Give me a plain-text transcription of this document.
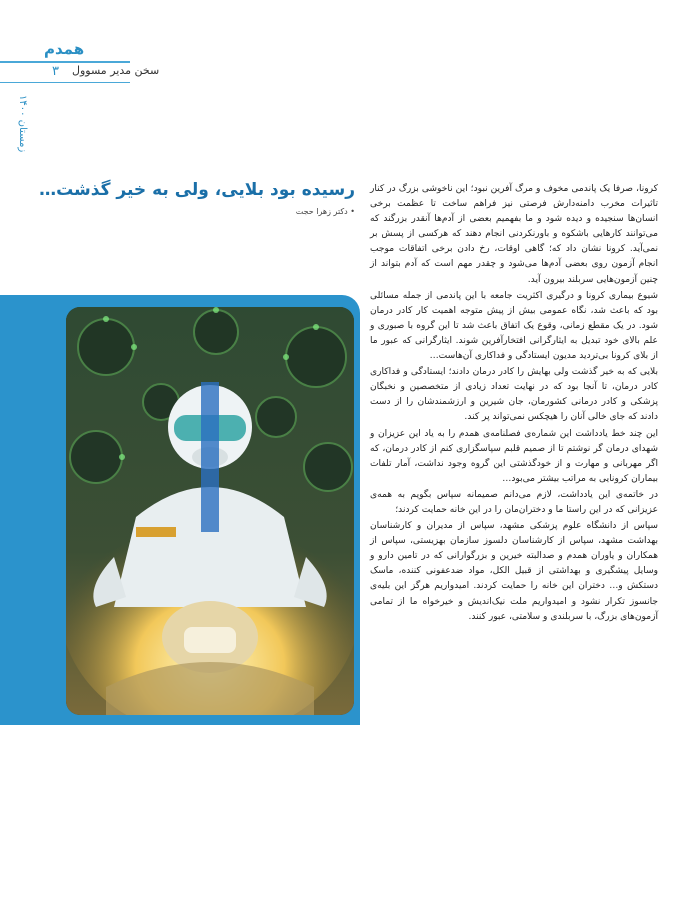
همدم
۳ سخن مدیر مسوول
زمستان ۱۴۰۰
رسیده بود بلایی، ولی به خیر گذشت…
• دکتر زهرا حجت

کرونا، صرفا یک پاندمی مخوف و مرگ آفرین نبود؛ این ناخوشی بزرگ در کنار تاثیرات مخرب دامنه‌دارش فرصتی نیز فراهم ساخت تا عظمت برخی انسان‌ها سنجیده و دیده شود و ما بفهمیم بعضی از آدم‌ها آنقدر بزرگند که می‌توانند کارهایی باشکوه و باورنکردنی انجام دهند که هرکسی از پسش بر نمی‌آید. کرونا نشان داد که؛ گاهی اوقات، رخ دادن برخی اتفاقات موجب انجام آزمون روی بعضی آدم‌ها می‌شود و چقدر مهم است که آدم بتواند از چنین آزمون‌هایی سربلند بیرون آید.

شیوع بیماری کرونا و درگیری اکثریت جامعه با این پاندمی از جمله مسائلی بود که باعث شد، نگاه عمومی بیش از پیش متوجه اهمیت کار کادر درمان شود. در یک مقطع زمانی، وقوع یک اتفاق باعث شد تا این گروه با صبوری و علم بالای خود تبدیل به ایثارگرانی افتخارآفرین شوند. ایثارگرانی که عبور ما از بلای کرونا بی‌تردید مدیون ایستادگی و فداکاری آن‌هاست…

بلایی که به خیر گذشت ولی بهایش را کادر درمان دادند؛ ایستادگی و فداکاری کادر درمان، تا آنجا بود که در نهایت تعداد زیادی از متخصصین و نخبگان پزشکی و کادر درمانی کشورمان، جان شیرین و ارزشمندشان را از دست دادند که جای خالی آنان را هیچکس نمی‌تواند پر کند.

این چند خط یادداشت این شماره‌ی فصلنامه‌ی همدم را به یاد این عزیزان و شهدای درمان گر نوشتم تا از صمیم قلبم سپاسگزاری کنم از کادر درمان، که اگر مهربانی و مهارت و از خودگذشتی این گروه وجود نداشت، آمار تلفات بیماران کرونایی به مراتب بیشتر می‌بود…

در خاتمه‌ی این یادداشت، لازم می‌دانم صمیمانه سپاس بگویم به همه‌ی عزیزانی که در این راستا ما و دختران‌مان را در این خانه حمایت کردند؛

سپاس از دانشگاه علوم پزشکی مشهد، سپاس از مدیران و کارشناسان بهداشت مشهد، سپاس از کارشناسان دلسوز سازمان بهزیستی، سپاس از همکاران و یاوران همدم و صدالبته خیرین و بزرگوارانی که در تامین دارو و وسایل پیشگیری و بهداشتی از قبیل الکل، مواد ضدعفونی کننده، ماسک دستکش و… دختران این خانه را حمایت کردند. امیدواریم هرگز این بلیه‌ی جانسوز تکرار نشود و امیدواریم ملت نیک‌اندیش و خیرخواه ما از تمامی آزمون‌های بزرگ، با سربلندی و سلامتی، عبور کنند.
